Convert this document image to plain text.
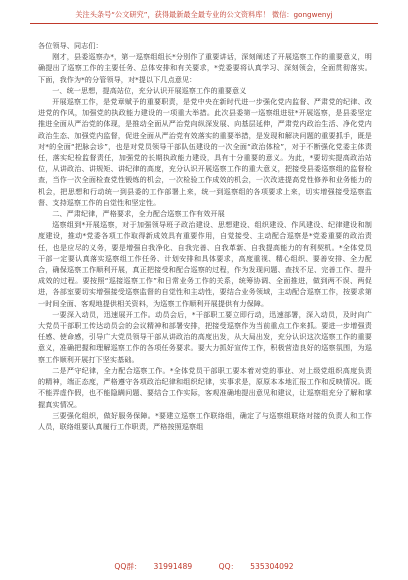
关注头条号“公文研究”，获得最新最全最专业的公文资料库！ 微信：gongwenyj

各位领导、同志们：

刚才，县委巡察办*，第一巡察组组长*分别作了重要讲话，深刻阐述了开展巡察工作的重要意义，明确提出了巡察工作的主要任务、总体安排和有关要求，*党委要将认真学习、深刻领会，全面贯彻落实。下面，我作为*的分管领导，对*提以下几点意见：

一、统一思想，提高站位，充分认识开展巡察工作的重要意义

开展巡察工作，是党章赋予的重要职责，是党中央在新时代进一步强化党内监督、严肃党的纪律、改进党的作风，加强党的执政能力建设的一项重大举措。此次县委第一巡察组进驻*开展巡察，是县委坚定推进全面从严治党的体现，是推动全面从严治党向纵深发展、向基层延伸，严肃党内政治生活、净化党内政治生态、加强党内监督，促进全面从严治党有效落实的重要举措，是发现和解决问题的重要抓手，既是对*的全面“把脉会诊”，也是对党员领导干部队伍建设的一次全面“政治体检”，对于不断强化党委主体责任，落实纪检监督责任，加强党的长期执政能力建设，具有十分重要的意义。为此，*要切实提高政治站位，从讲政治、讲规矩、讲纪律的高度，充分认识开展巡察工作的重大意义，把接受县委巡察组的监督检查，当作一次全面检查党性锻炼的机会，一次检验工作成效的机会，一次改进提高党性修养和业务能力的机会，把思想和行动统一到县委的工作部署上来，统一到巡察组的各项要求上来，切实增强接受巡察监督、支持巡察工作的自觉性和坚定性。

二、严肃纪律，严格要求，全力配合巡察工作有效开展

巡察组到*开展巡察，对于加强领导班子政治建设、思想建设、组织建设、作风建设、纪律建设和制度建设，推动*党委各项工作取得新成效具有重要作用，自觉接受、主动配合巡察是*党委重要的政治责任，也是应尽的义务，要是增强自我净化、自我完善、自我革新、自我提高能力的有利契机。*全体党员干部一定要认真落实巡察组工作任务、计划安排和具体要求，高度重视、精心组织、要善安排、全力配合，确保巡察工作顺利开展，真正把接受和配合巡察的过程，作为发现问题、查找不足、完善工作、提升成效的过程。要按照“巡接巡察工作”和日常业务工作的关系，统筹协调、全面推进，做到两不误、两促进，各部室要切实增强接受巡察监督的自觉性和主动性，要结合业务领域，主动配合巡察工作，按要求第一时间全面、客观地提供相关资料，为巡察工作顺利开展提供有力保障。

一要深入动员，迅速展开工作。动员会后，*干部职工要立即行动，迅速部署，深入动员，及时向广大党员干部职工传达动员会的会议精神和部署安排，把接受巡察作为当前重点工作来抓。要进一步增强责任感、使命感，引导广大党员领导干部从讲政治的高度出发，从大局出发，充分认识这次巡察工作的重要意义，准确把握和理解巡察工作的各项任务要求。要大力抓好宣传工作，积极营造良好的巡察氛围，为巡察工作顺利开展打下坚实基础。

二是严守纪律，全力配合巡察工作。*全体党员干部职工要本着对党的事业、对上级党组织高度负责的精神，端正态度，严格遵守各项政治纪律和组织纪律，实事求是，原原本本地汇报工作和反映情况。既不能弄虚作假，也不能隐瞒问题、要结合工作实际，客观准确地提出意见和建议，让巡察组充分了解和掌握真实情况。

三要强化组织，做好服务保障。*要建立巡察工作联络组，确定了与巡察组联络对接的负责人和工作人员，联络组要认真履行工作职责，严格按照巡察组

QQ群： 31991489	QQ： 535304092
